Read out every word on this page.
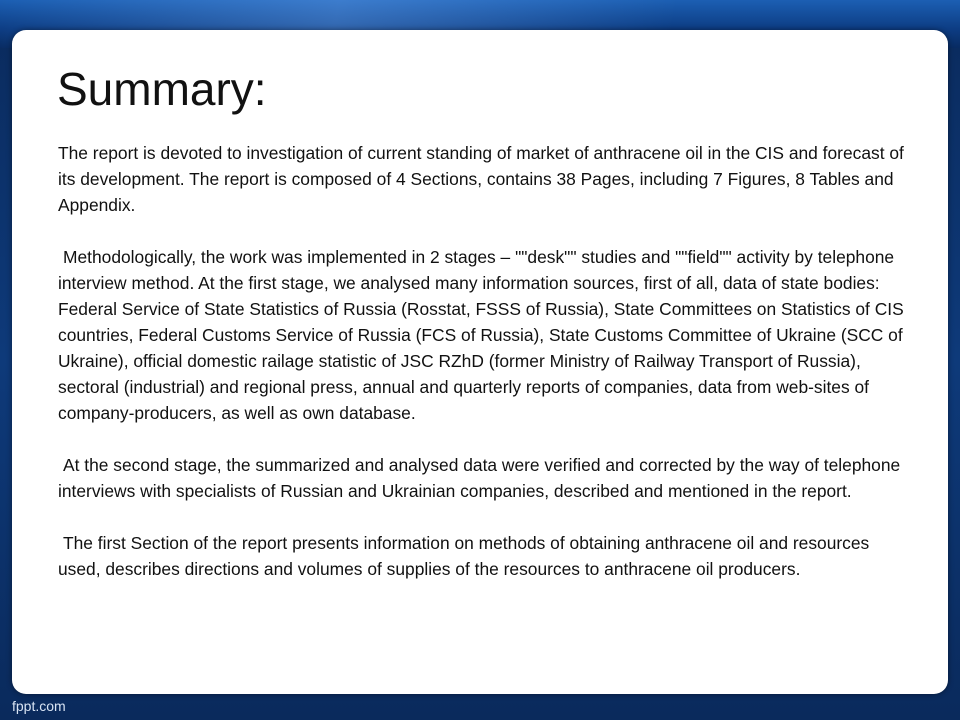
Summary:

The report is devoted to investigation of current standing of market of anthracene oil in the CIS and forecast of its development. The report is composed of 4 Sections, contains 38 Pages, including 7 Figures, 8 Tables and Appendix.

Methodologically, the work was implemented in 2 stages – ""desk"" studies and ""field"" activity by telephone interview method. At the first stage, we analysed many information sources, first of all, data of state bodies: Federal Service of State Statistics of Russia (Rosstat, FSSS of Russia), State Committees on Statistics of CIS countries, Federal Customs Service of Russia (FCS of Russia), State Customs Committee of Ukraine (SCC of Ukraine), official domestic railage statistic of JSC RZhD (former Ministry of Railway Transport of Russia), sectoral (industrial) and regional press, annual and quarterly reports of companies, data from web-sites of company-producers, as well as own database.

At the second stage, the summarized and analysed data were verified and corrected by the way of telephone interviews with specialists of Russian and Ukrainian companies, described and mentioned in the report.

The first Section of the report presents information on methods of obtaining anthracene oil and resources used, describes directions and volumes of supplies of the resources to anthracene oil producers.

fppt.com
